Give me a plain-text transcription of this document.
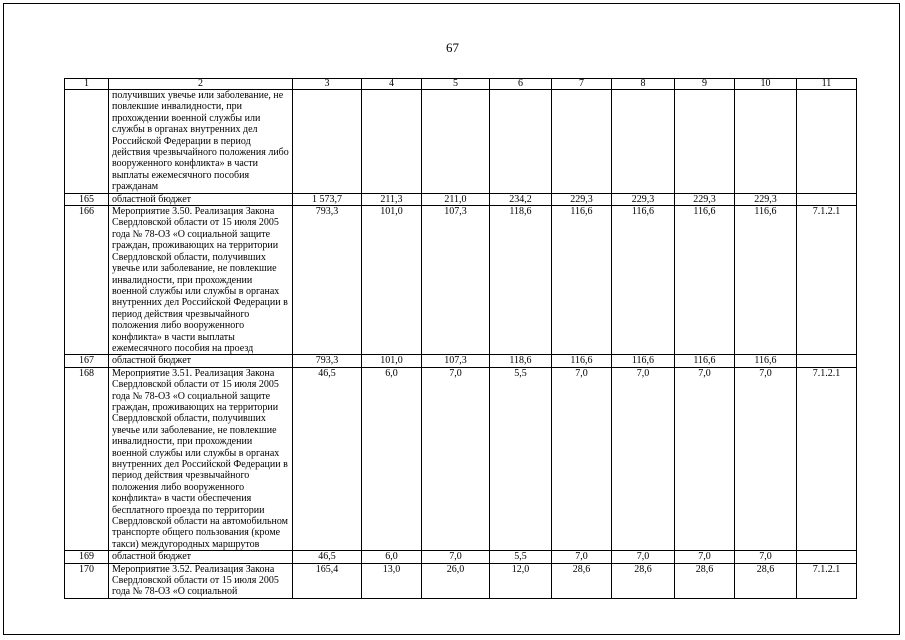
67
1	2	3	4	5	6	7	8	9	10	11
	получивших увечье или заболевание, не повлекшие инвалидности, при прохождении военной службы или службы в органах внутренних дел Российской Федерации в период действия чрезвычайного положения либо вооруженного конфликта» в части выплаты ежемесячного пособия гражданам									
165	областной бюджет	1 573,7	211,3	211,0	234,2	229,3	229,3	229,3	229,3	
166	Мероприятие 3.50. Реализация Закона Свердловской области от 15 июля 2005 года № 78-ОЗ «О социальной защите граждан, проживающих на территории Свердловской области, получивших увечье или заболевание, не повлекшие инвалидности, при прохождении военной службы или службы в органах внутренних дел Российской Федерации в период действия чрезвычайного положения либо вооруженного конфликта» в части выплаты ежемесячного пособия на проезд	793,3	101,0	107,3	118,6	116,6	116,6	116,6	116,6	7.1.2.1
167	областной бюджет	793,3	101,0	107,3	118,6	116,6	116,6	116,6	116,6	
168	Мероприятие 3.51. Реализация Закона Свердловской области от 15 июля 2005 года № 78-ОЗ «О социальной защите граждан, проживающих на территории Свердловской области, получивших увечье или заболевание, не повлекшие инвалидности, при прохождении военной службы или службы в органах внутренних дел Российской Федерации в период действия чрезвычайного положения либо вооруженного конфликта» в части обеспечения бесплатного проезда по территории Свердловской области на автомобильном транспорте общего пользования (кроме такси) междугородных маршрутов	46,5	6,0	7,0	5,5	7,0	7,0	7,0	7,0	7.1.2.1
169	областной бюджет	46,5	6,0	7,0	5,5	7,0	7,0	7,0	7,0	
170	Мероприятие 3.52. Реализация Закона Свердловской области от 15 июля 2005 года № 78-ОЗ «О социальной	165,4	13,0	26,0	12,0	28,6	28,6	28,6	28,6	7.1.2.1
